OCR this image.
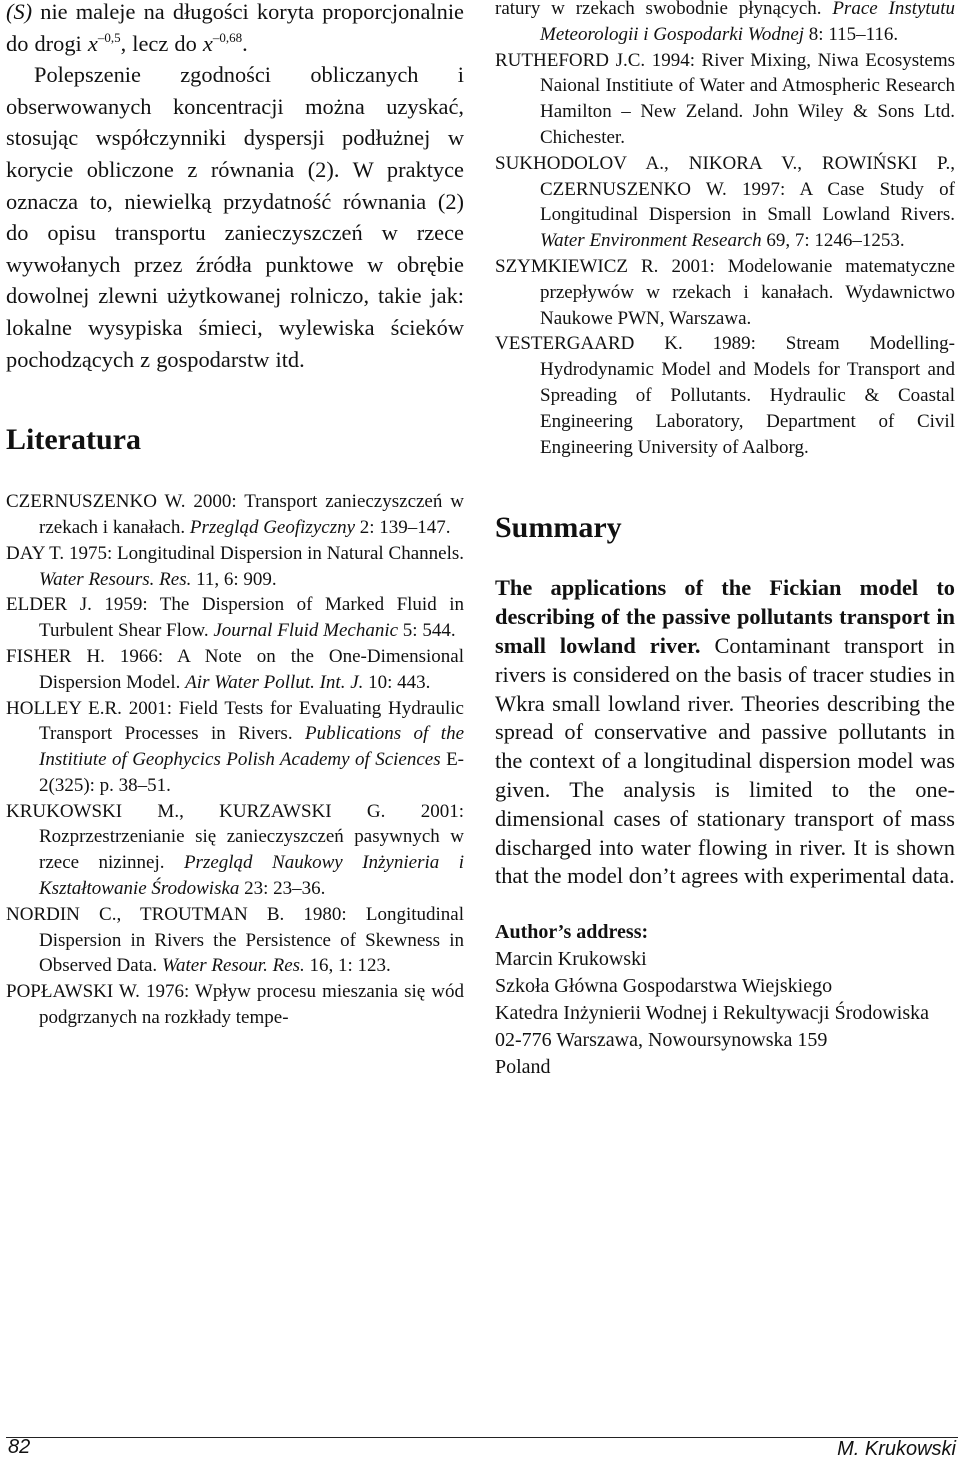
(S) nie maleje na długości koryta proporcjonalnie do drogi $x^{-0,5}$, lecz do $x^{-0,68}$.

Polepszenie zgodności obliczanych i obserwowanych koncentracji można uzyskać, stosując współczynniki dyspersji podłużnej w korycie obliczone z równania (2). W praktyce oznacza to, niewielką przydatność równania (2) do opisu transportu zanieczyszczeń w rzece wywołanych przez źródła punktowe w obrębie dowolnej zlewni użytkowanej rolniczo, takie jak: lokalne wysypiska śmieci, wylewiska ścieków pochodzących z gospodarstw itd.

Literatura
CZERNUSZENKO W. 2000: Transport zanieczyszczeń w rzekach i kanałach. Przegląd Geofizyczny 2: 139–147.
DAY T. 1975: Longitudinal Dispersion in Natural Channels. Water Resours. Res. 11, 6: 909.
ELDER J. 1959: The Dispersion of Marked Fluid in Turbulent Shear Flow. Journal Fluid Mechanic 5: 544.
FISHER H. 1966: A Note on the One-Dimensional Dispersion Model. Air Water Pollut. Int. J. 10: 443.
HOLLEY E.R. 2001: Field Tests for Evaluating Hydraulic Transport Processes in Rivers. Publications of the Institiute of Geophycics Polish Academy of Sciences E-2(325): p. 38–51.
KRUKOWSKI M., KURZAWSKI G. 2001: Rozprzestrzenianie się zanieczyszczeń pasywnych w rzece nizinnej. Przegląd Naukowy Inżynieria i Kształtowanie Środowiska 23: 23–36.
NORDIN C., TROUTMAN B. 1980: Longitudinal Dispersion in Rivers the Persistence of Skewness in Observed Data. Water Resour. Res. 16, 1: 123.
POPŁAWSKI W. 1976: Wpływ procesu mieszania się wód podgrzanych na rozkłady tempe-

ratury w rzekach swobodnie płynących. Prace Instytutu Meteorologii i Gospodarki Wodnej 8: 115–116.

RUTHEFORD J.C. 1994: River Mixing, Niwa Ecosystems Naional Institiute of Water and Atmospheric Research Hamilton – New Zeland. John Wiley & Sons Ltd. Chichester.
SUKHODOLOV A., NIKORA V., ROWIŃSKI P., CZERNUSZENKO W. 1997: A Case Study of Longitudinal Dispersion in Small Lowland Rivers. Water Environment Research 69, 7: 1246–1253.
SZYMKIEWICZ R. 2001: Modelowanie matematyczne przepływów w rzekach i kanałach. Wydawnictwo Naukowe PWN, Warszawa.
VESTERGAARD K. 1989: Stream Modelling-Hydrodynamic Model and Models for Transport and Spreading of Pollutants. Hydraulic & Coastal Engineering Laboratory, Department of Civil Engineering University of Aalborg.
Summary

The applications of the Fickian model to describing of the passive pollutants transport in small lowland river. Contaminant transport in rivers is considered on the basis of tracer studies in Wkra small lowland river. Theories describing the spread of conservative and passive pollutants in the context of a longitudinal dispersion model was given. The analysis is limited to the one-dimensional cases of stationary transport of mass discharged into water flowing in river. It is shown that the model don’t agrees with experimental data.

Author’s address:

Marcin Krukowski

Szkoła Główna Gospodarstwa Wiejskiego

Katedra Inżynierii Wodnej i Rekultywacji Środowiska

02-776 Warszawa, Nowoursynowska 159

Poland

82	M. Krukowski
